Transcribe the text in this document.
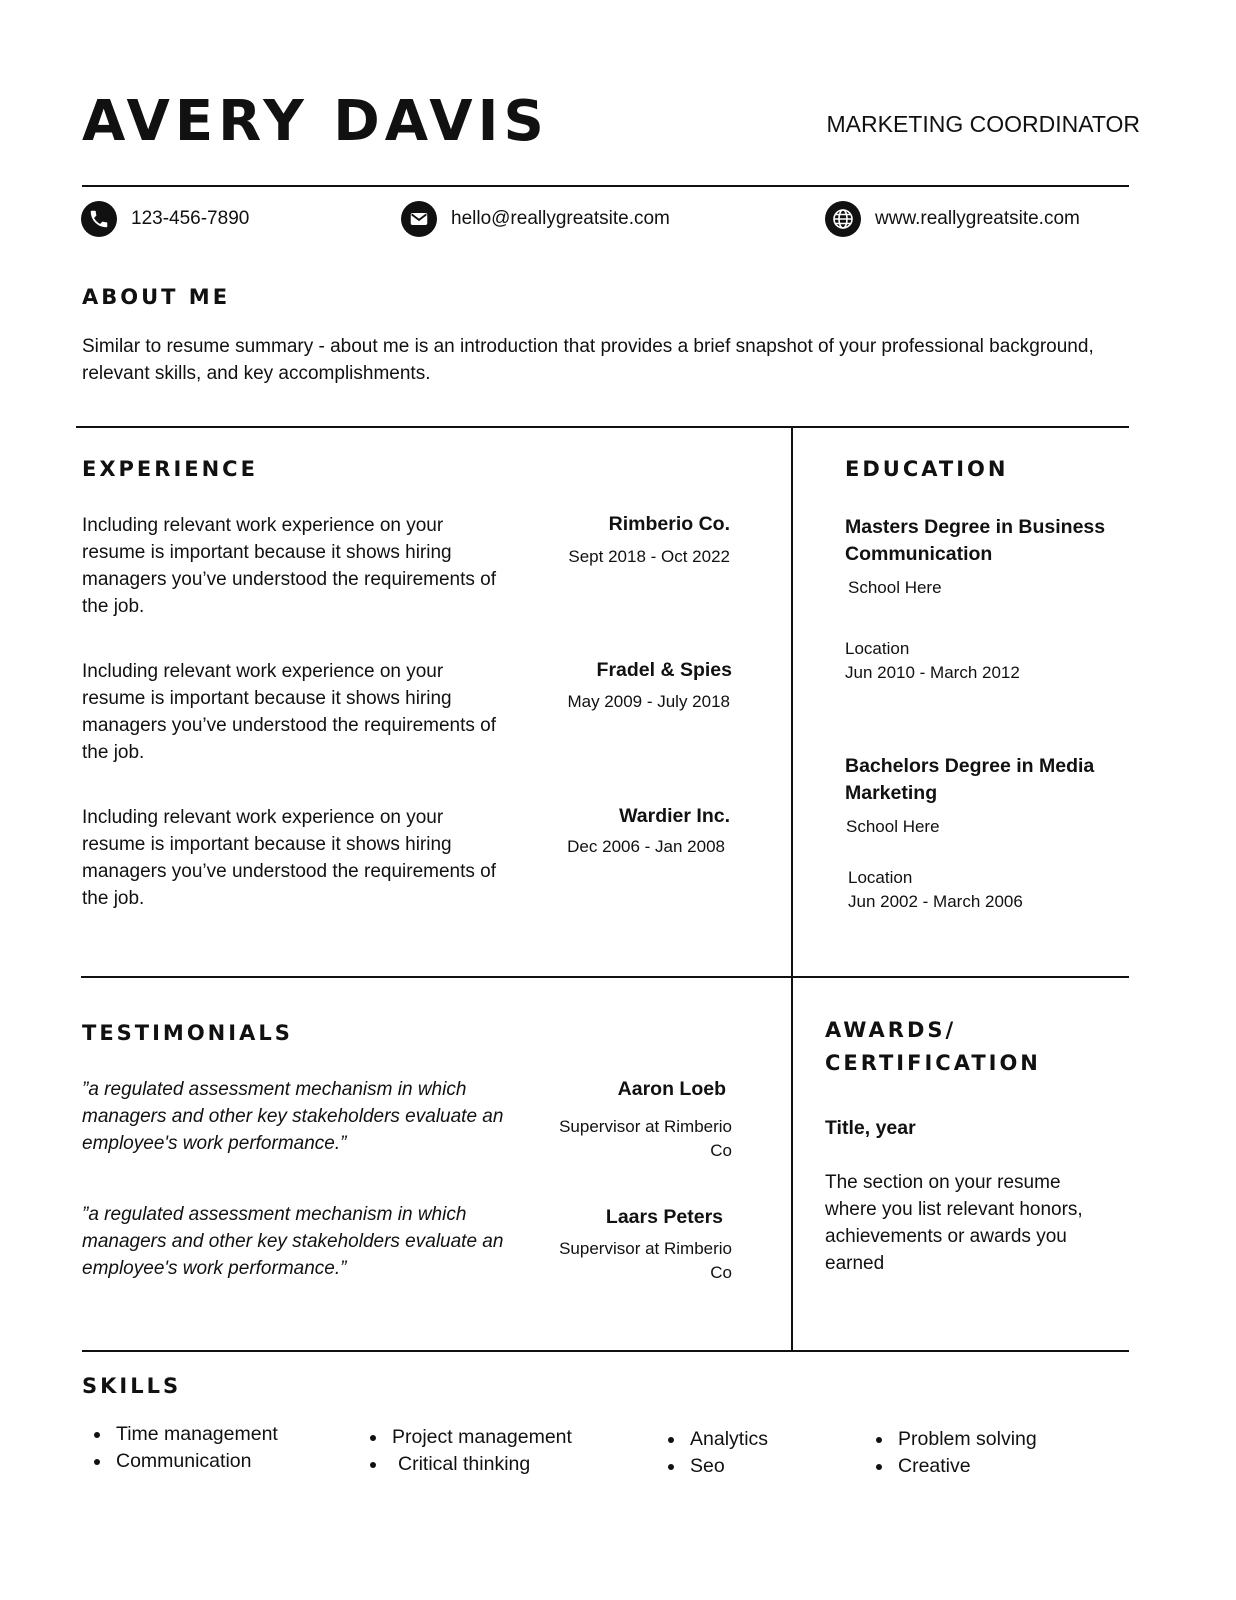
AVERY DAVIS	MARKETING COORDINATOR
123-456-7890	hello@reallygreatsite.com	www.reallygreatsite.com
ABOUT ME
Similar to resume summary - about me is an introduction that provides a brief snapshot of your professional background, relevant skills, and key accomplishments.
EXPERIENCE
Including relevant work experience on your resume is important because it shows hiring managers you’ve understood the requirements of the job.
Rimberio Co.
Sept 2018 - Oct 2022
Including relevant work experience on your resume is important because it shows hiring managers you’ve understood the requirements of the job.
Fradel & Spies
May 2009 - July 2018
Including relevant work experience on your resume is important because it shows hiring managers you’ve understood the requirements of the job.
Wardier Inc.
Dec 2006 - Jan 2008
EDUCATION
Masters Degree in Business Communication
School Here
Location
Jun 2010 - March 2012
Bachelors Degree in Media Marketing
School Here
Location
Jun 2002 - March 2006
TESTIMONIALS
”a regulated assessment mechanism in which managers and other key stakeholders evaluate an employee's work performance.”
Aaron Loeb
Supervisor at Rimberio Co
”a regulated assessment mechanism in which managers and other key stakeholders evaluate an employee's work performance.”
Laars Peters
Supervisor at Rimberio Co
AWARDS/
CERTIFICATION
Title, year
The section on your resume where you list relevant honors, achievements or awards you earned
SKILLS
Time management
Communication
Project management
Critical thinking
Analytics
Seo
Problem solving
Creative
